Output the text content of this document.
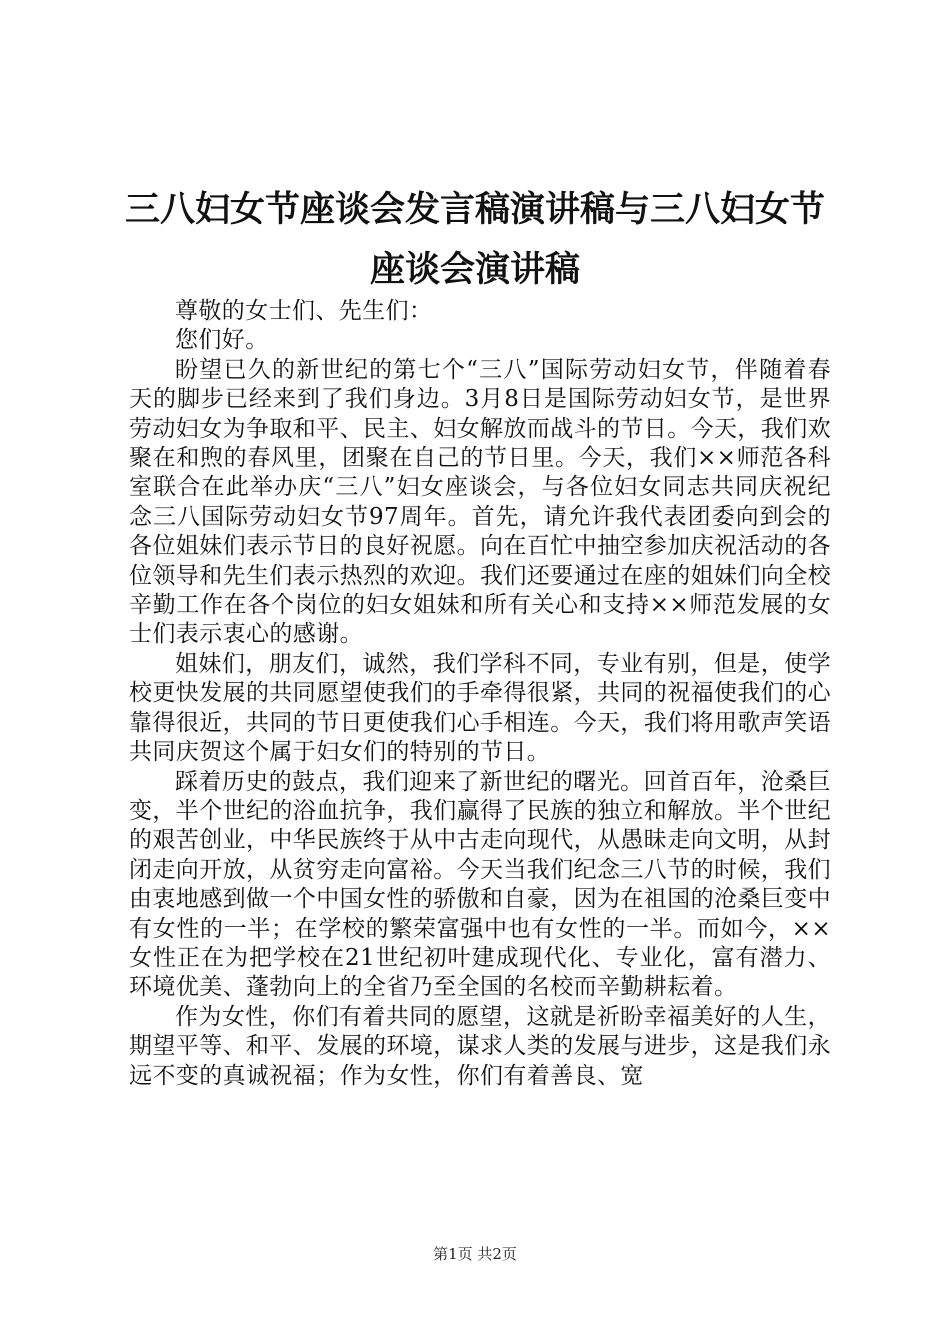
三八妇女节座谈会发言稿演讲稿与三八妇女节
座谈会演讲稿

尊敬的女士们、先生们：

您们好。

盼望已久的新世纪的第七个“三八”国际劳动妇女节，伴随着春天的脚步已经来到了我们身边。3月8日是国际劳动妇女节，是世界劳动妇女为争取和平、民主、妇女解放而战斗的节日。今天，我们欢聚在和煦的春风里，团聚在自己的节日里。今天，我们××师范各科室联合在此举办庆“三八”妇女座谈会，与各位妇女同志共同庆祝纪念三八国际劳动妇女节97周年。首先，请允许我代表团委向到会的各位姐妹们表示节日的良好祝愿。向在百忙中抽空参加庆祝活动的各位领导和先生们表示热烈的欢迎。我们还要通过在座的姐妹们向全校辛勤工作在各个岗位的妇女姐妹和所有关心和支持××师范发展的女士们表示衷心的感谢。

姐妹们，朋友们，诚然，我们学科不同，专业有别，但是，使学校更快发展的共同愿望使我们的手牵得很紧，共同的祝福使我们的心靠得很近，共同的节日更使我们心手相连。今天，我们将用歌声笑语共同庆贺这个属于妇女们的特别的节日。

踩着历史的鼓点，我们迎来了新世纪的曙光。回首百年，沧桑巨变，半个世纪的浴血抗争，我们赢得了民族的独立和解放。半个世纪的艰苦创业，中华民族终于从中古走向现代，从愚昧走向文明，从封闭走向开放，从贫穷走向富裕。今天当我们纪念三八节的时候，我们由衷地感到做一个中国女性的骄傲和自豪，因为在祖国的沧桑巨变中有女性的一半；在学校的繁荣富强中也有女性的一半。而如今，××女性正在为把学校在21世纪初叶建成现代化、专业化，富有潜力、环境优美、蓬勃向上的全省乃至全国的名校而辛勤耕耘着。

作为女性，你们有着共同的愿望，这就是祈盼幸福美好的人生，期望平等、和平、发展的环境，谋求人类的发展与进步，这是我们永远不变的真诚祝福；作为女性，你们有着善良、宽

第1页 共2页
